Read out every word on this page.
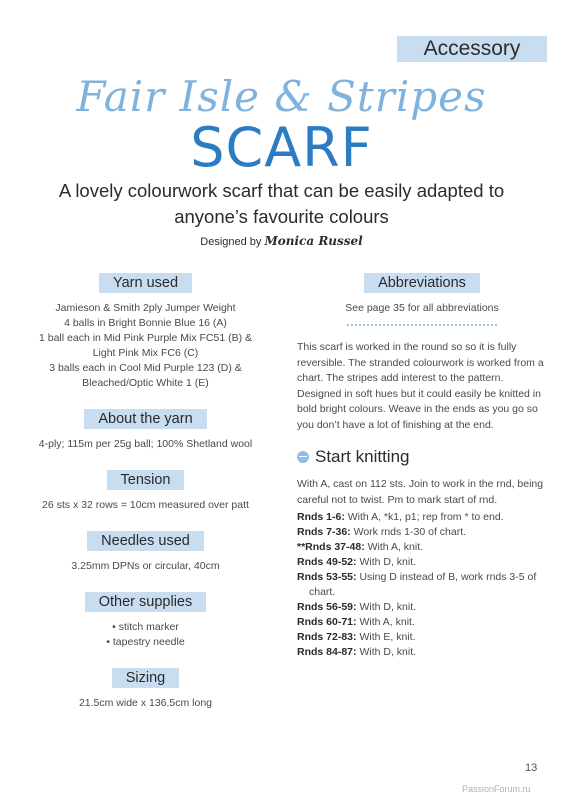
Accessory
Fair Isle & Stripes
SCARF
A lovely colourwork scarf that can be easily adapted to anyone’s favourite colours
Designed by Monica Russel
Yarn used

Jamieson & Smith 2ply Jumper Weight

4 balls in Bright Bonnie Blue 16 (A)

1 ball each in Mid Pink Purple Mix FC51 (B) &

Light Pink Mix FC6 (C)

3 balls each in Cool Mid Purple 123 (D) &

Bleached/Optic White 1 (E)

About the yarn

4-ply; 115m per 25g ball; 100% Shetland wool

Tension

26 sts x 32 rows = 10cm measured over patt

Needles used

3.25mm DPNs or circular, 40cm

Other supplies
• stitch marker
• tapestry needle
Sizing

21.5cm wide x 136.5cm long

Abbreviations

See page 35 for all abbreviations

This scarf is worked in the round so so it is fully reversible. The stranded colourwork is worked from a chart. The stripes add interest to the pattern. Designed in soft hues but it could easily be knitted in bold bright colours. Weave in the ends as you go so you don’t have a lot of finishing at the end.

Start knitting

With A, cast on 112 sts. Join to work in the rnd, being careful not to twist. Pm to mark start of rnd.

Rnds 1-6: With A, *k1, p1; rep from * to end.
Rnds 7-36: Work rnds 1-30 of chart.
**Rnds 37-48: With A, knit.
Rnds 49-52: With D, knit.
Rnds 53-55: Using D instead of B, work rnds 3-5 of chart.
Rnds 56-59: With D, knit.
Rnds 60-71: With A, knit.
Rnds 72-83: With E, knit.
Rnds 84-87: With D, knit.
13
PassionForum.ru
